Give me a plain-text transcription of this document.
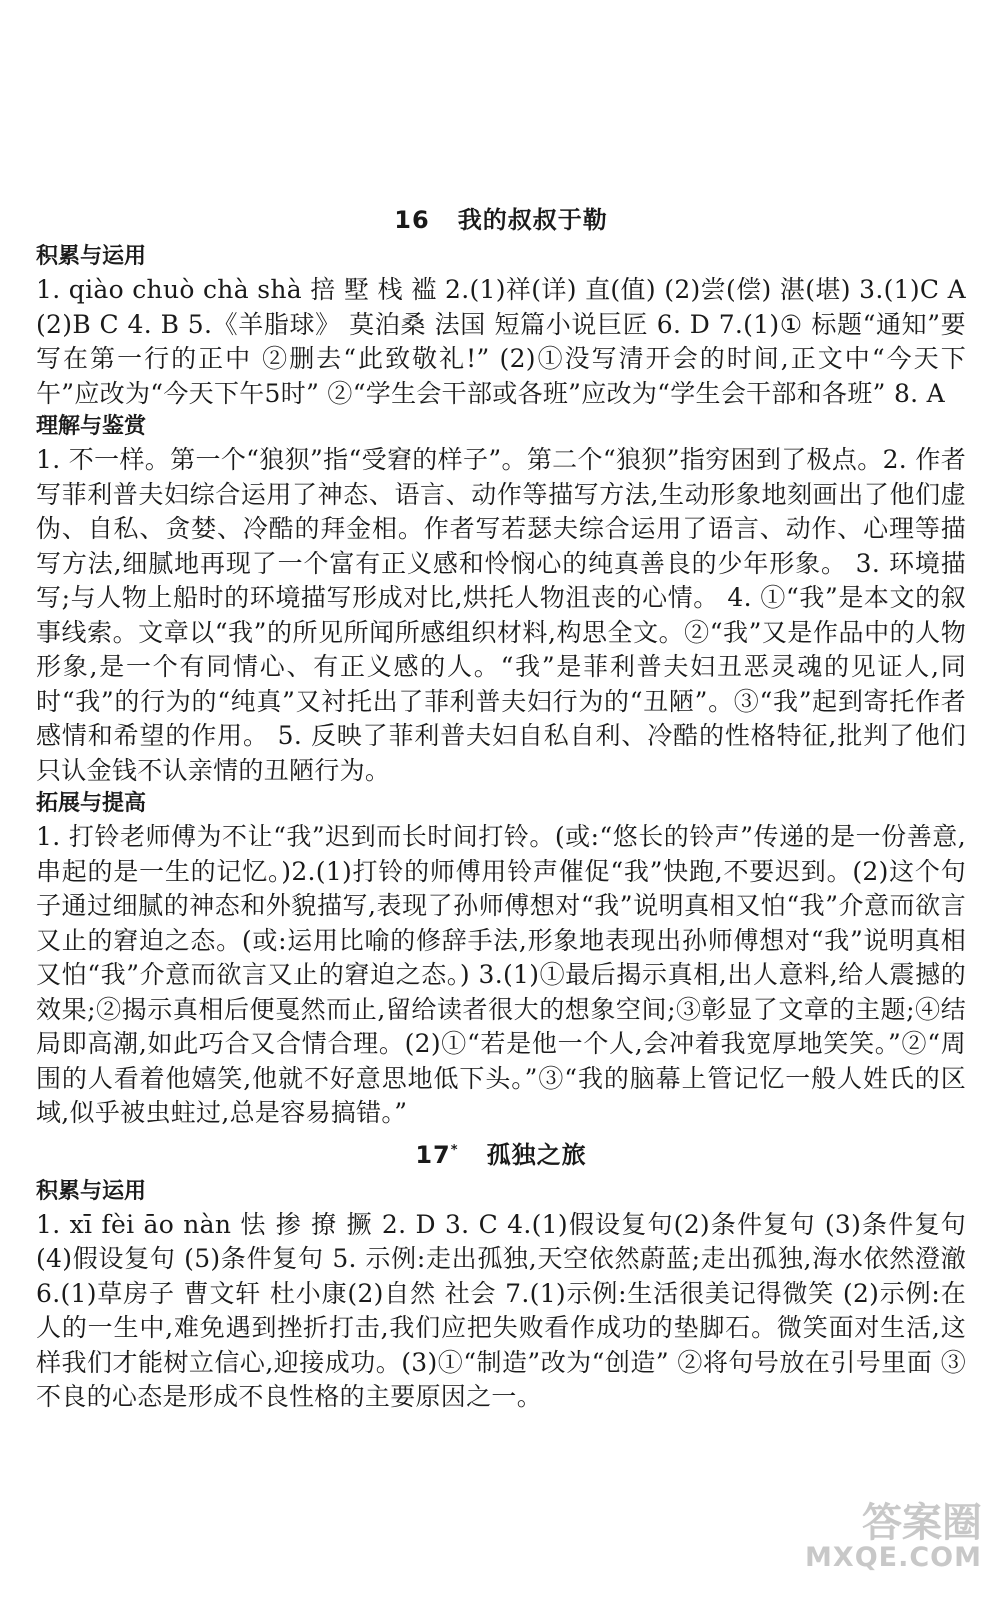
16 我的叔叔于勒
积累与运用

1. qiào chuò chà shà 掊 墅 栈 褴 2.(1)祥(详) 直(值) (2)尝(偿) 湛(堪) 3.(1)C A (2)B C 4. B 5.《羊脂球》 莫泊桑 法国 短篇小说巨匠 6. D 7.(1)① 标题“通知”要写在第一行的正中 ②删去“此致敬礼!” (2)①没写清开会的时间,正文中“今天下午”应改为“今天下午5时” ②“学生会干部或各班”应改为“学生会干部和各班” 8. A

理解与鉴赏

1. 不一样。第一个“狼狈”指“受窘的样子”。第二个“狼狈”指穷困到了极点。2. 作者写菲利普夫妇综合运用了神态、语言、动作等描写方法,生动形象地刻画出了他们虚伪、自私、贪婪、冷酷的拜金相。作者写若瑟夫综合运用了语言、动作、心理等描写方法,细腻地再现了一个富有正义感和怜悯心的纯真善良的少年形象。 3. 环境描写;与人物上船时的环境描写形成对比,烘托人物沮丧的心情。 4. ①“我”是本文的叙事线索。文章以“我”的所见所闻所感组织材料,构思全文。②“我”又是作品中的人物形象,是一个有同情心、有正义感的人。“我”是菲利普夫妇丑恶灵魂的见证人,同时“我”的行为的“纯真”又衬托出了菲利普夫妇行为的“丑陋”。③“我”起到寄托作者感情和希望的作用。 5. 反映了菲利普夫妇自私自利、冷酷的性格特征,批判了他们只认金钱不认亲情的丑陋行为。

拓展与提高

1. 打铃老师傅为不让“我”迟到而长时间打铃。(或:“悠长的铃声”传递的是一份善意,串起的是一生的记忆。)2.(1)打铃的师傅用铃声催促“我”快跑,不要迟到。(2)这个句子通过细腻的神态和外貌描写,表现了孙师傅想对“我”说明真相又怕“我”介意而欲言又止的窘迫之态。(或:运用比喻的修辞手法,形象地表现出孙师傅想对“我”说明真相又怕“我”介意而欲言又止的窘迫之态。) 3.(1)①最后揭示真相,出人意料,给人震撼的效果;②揭示真相后便戛然而止,留给读者很大的想象空间;③彰显了文章的主题;④结局即高潮,如此巧合又合情合理。(2)①“若是他一个人,会冲着我宽厚地笑笑。”②“周围的人看着他嬉笑,他就不好意思地低下头。”③“我的脑幕上管记忆一般人姓氏的区域,似乎被虫蛀过,总是容易搞错。”

17* 孤独之旅
积累与运用

1. xī fèi āo nàn 怯 掺 撩 撅 2. D 3. C 4.(1)假设复句(2)条件复句 (3)条件复句 (4)假设复句 (5)条件复句 5. 示例:走出孤独,天空依然蔚蓝;走出孤独,海水依然澄澈 6.(1)草房子 曹文轩 杜小康(2)自然 社会 7.(1)示例:生活很美记得微笑 (2)示例:在人的一生中,难免遇到挫折打击,我们应把失败看作成功的垫脚石。微笑面对生活,这样我们才能树立信心,迎接成功。(3)①“制造”改为“创造” ②将句号放在引号里面 ③不良的心态是形成不良性格的主要原因之一。

答案圈
MXQE.COM
